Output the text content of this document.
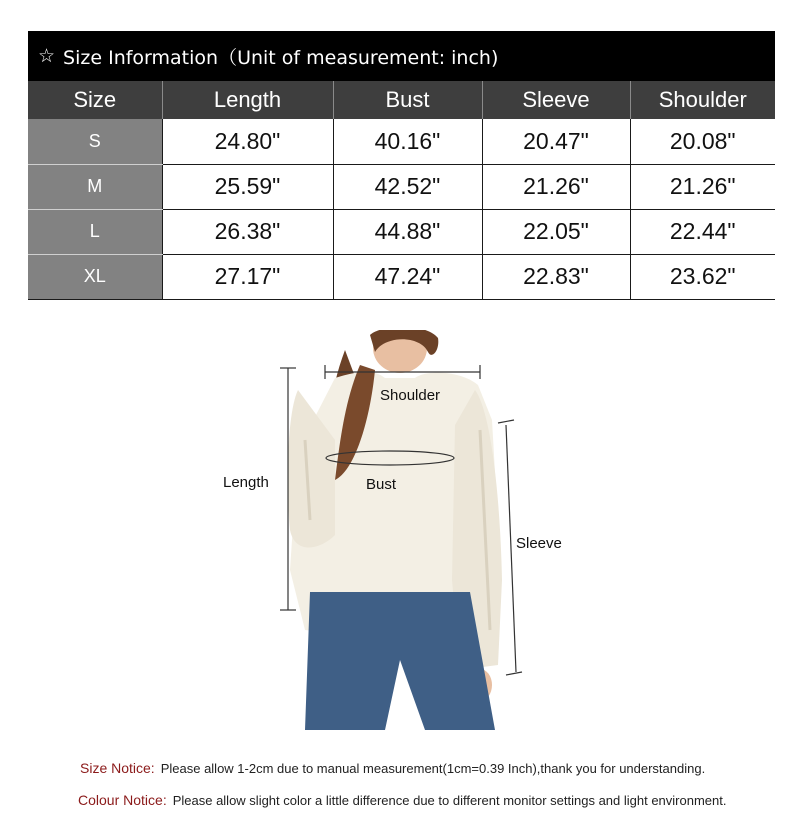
☆ Size Information（Unit of measurement: inch)
Size	Length	Bust	Sleeve	Shoulder
S	24.80"	40.16"	20.47"	20.08"
M	25.59"	42.52"	21.26"	21.26"
L	26.38"	44.88"	22.05"	22.44"
XL	27.17"	47.24"	22.83"	23.62"
Shoulder
Bust
Length
Sleeve
Size Notice: Please allow 1-2cm due to manual measurement(1cm=0.39 Inch),thank you for understanding.
Colour Notice: Please allow slight color a little difference due to different monitor settings and light environment.
